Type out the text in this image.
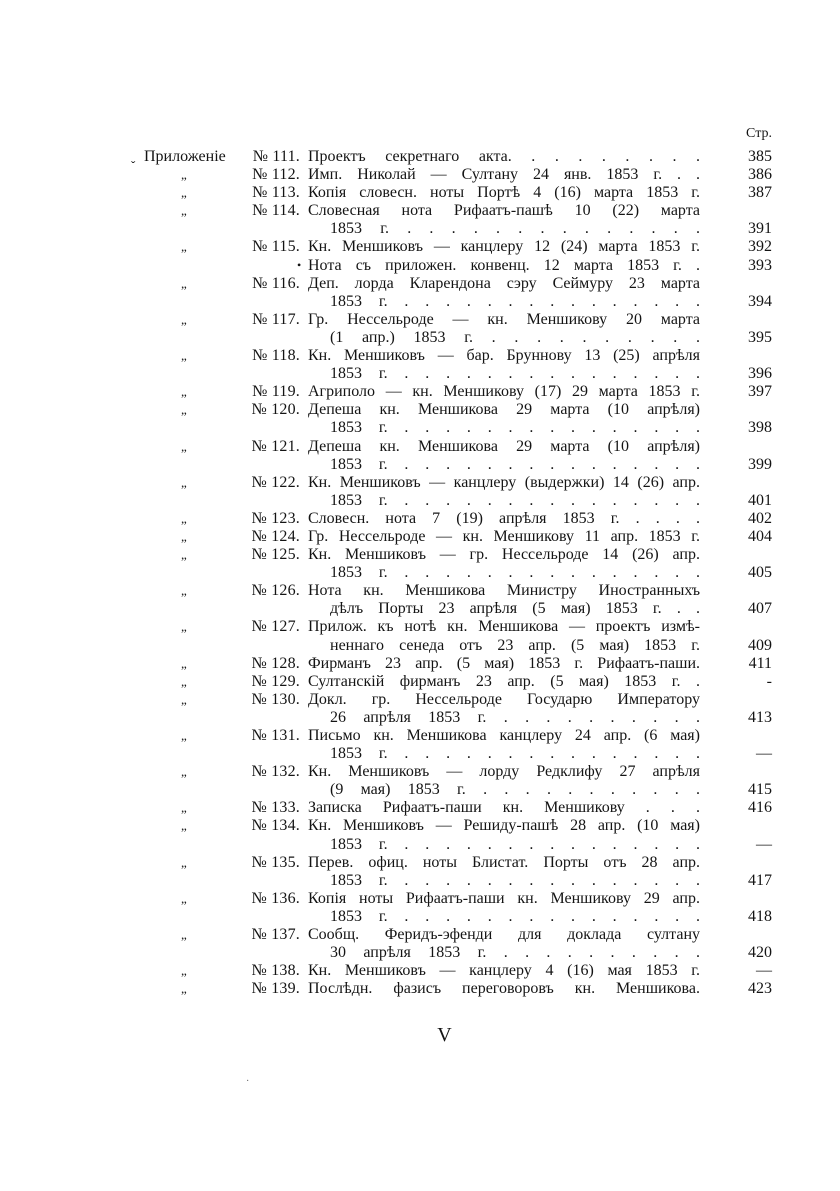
Стр.
Приложеніе
ˬ	№ 111. Проектъ секретнаго акта. . . . . . . . .	385
„	№ 112. Имп. Николай — Султану 24 янв. 1853 г. . .	386
„	№ 113. Копія словесн. ноты Портѣ 4 (16) марта 1853 г.	387
„	№ 114. Словесная нота Рифаатъ-пашѣ 10 (22) марта
1853 г. . . . . . . . . . . . . . .	391
„	№ 115. Кн. Меншиковъ — канцлеру 12 (24) марта 1853 г.	392
• Нота съ приложен. конвенц. 12 марта 1853 г. .	393
„	№ 116. Деп. лорда Кларендона сэру Сеймуру 23 марта
1853 г. . . . . . . . . . . . . . . .	394
„	№ 117. Гр. Нессельроде — кн. Меншикову 20 марта
(1 апр.) 1853 г. . . . . . . . . . .	395
„	№ 118. Кн. Меншиковъ — бар. Бруннову 13 (25) апрѣля
1853 г. . . . . . . . . . . . . . . .	396
„	№ 119. Агриполо — кн. Меншикову (17) 29 марта 1853 г.	397
„	№ 120. Депеша кн. Меншикова 29 марта (10 апрѣля)
1853 г. . . . . . . . . . . . . . . .	398
„	№ 121. Депеша кн. Меншикова 29 марта (10 апрѣля)
1853 г. . . . . . . . . . . . . . . .	399
„	№ 122. Кн. Меншиковъ — канцлеру (выдержки) 14 (26) апр.
1853 г. . . . . . . . . . . . . . . .	401
„	№ 123. Словесн. нота 7 (19) апрѣля 1853 г. . . . .	402
„	№ 124. Гр. Нессельроде — кн. Меншикову 11 апр. 1853 г.	404
„	№ 125. Кн. Меншиковъ — гр. Нессельроде 14 (26) апр.
1853 г. . . . . . . . . . . . . . . .	405
„	№ 126. Нота кн. Меншикова Министру Иностранныхъ
дѣлъ Порты 23 апрѣля (5 мая) 1853 г. . .	407
„	№ 127. Прилож. къ нотѣ кн. Меншикова — проектъ измѣ-
неннаго сенеда отъ 23 апр. (5 мая) 1853 г.	409
„	№ 128. Фирманъ 23 апр. (5 мая) 1853 г. Рифаатъ-паши.	411
„	№ 129. Султанскій фирманъ 23 апр. (5 мая) 1853 г. .	-
„	№ 130. Докл. гр. Нессельроде Государю Императору
26 апрѣля 1853 г. . . . . . . . . . .	413
„	№ 131. Письмо кн. Меншикова канцлеру 24 апр. (6 мая)
1853 г. . . . . . . . . . . . . . . .	—
„	№ 132. Кн. Меншиковъ — лорду Редклифу 27 апрѣля
(9 мая) 1853 г. . . . . . . . . . . .	415
„	№ 133. Записка Рифаатъ-паши кн. Меншикову . . .	416
„	№ 134. Кн. Меншиковъ — Решиду-пашѣ 28 апр. (10 мая)
1853 г. . . . . . . . . . . . . . . .	—
„	№ 135. Перев. офиц. ноты Блистат. Порты отъ 28 апр.
1853 г. . . . . . . . . . . . . . . .	417
„	№ 136. Копія ноты Рифаатъ-паши кн. Меншикову 29 апр.
1853 г. . . . . . . . . . . . . . . .	418
„	№ 137. Сообщ. Феридъ-эфенди для доклада султану
30 апрѣля 1853 г. . . . . . . . . . .	420
„	№ 138. Кн. Меншиковъ — канцлеру 4 (16) мая 1853 г.	—
„	№ 139. Послѣдн. фазисъ переговоровъ кн. Меншикова.	423
V
·
